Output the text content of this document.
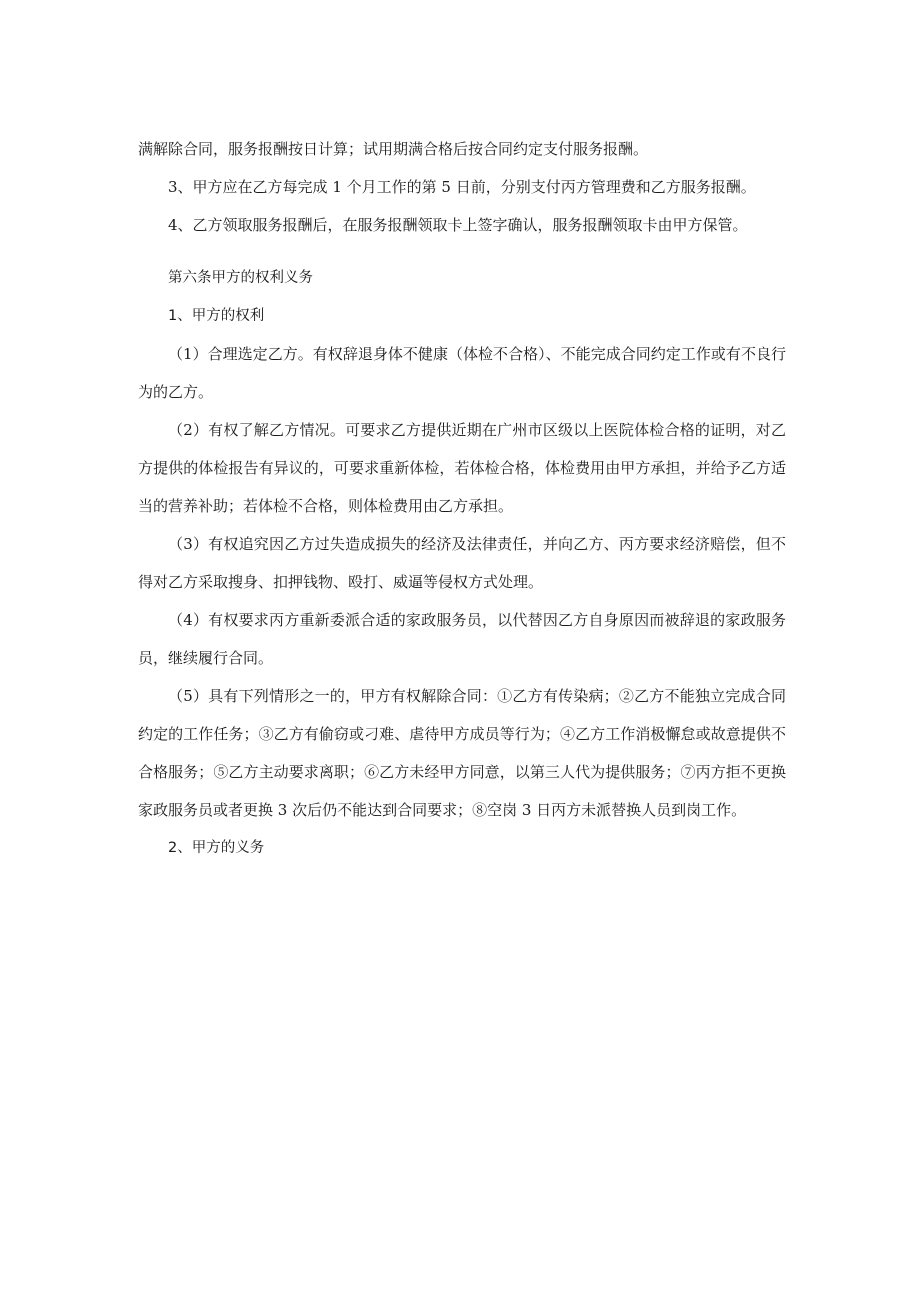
满解除合同，服务报酬按日计算；试用期满合格后按合同约定支付服务报酬。

3、甲方应在乙方每完成 1 个月工作的第 5 日前，分别支付丙方管理费和乙方服务报酬。

4、乙方领取服务报酬后，在服务报酬领取卡上签字确认，服务报酬领取卡由甲方保管。

第六条甲方的权利义务

1、甲方的权利

（1）合理选定乙方。有权辞退身体不健康（体检不合格）、不能完成合同约定工作或有不良行为的乙方。

（2）有权了解乙方情况。可要求乙方提供近期在广州市区级以上医院体检合格的证明，对乙方提供的体检报告有异议的，可要求重新体检，若体检合格，体检费用由甲方承担，并给予乙方适当的营养补助；若体检不合格，则体检费用由乙方承担。

（3）有权追究因乙方过失造成损失的经济及法律责任，并向乙方、丙方要求经济赔偿，但不得对乙方采取搜身、扣押钱物、殴打、威逼等侵权方式处理。

（4）有权要求丙方重新委派合适的家政服务员，以代替因乙方自身原因而被辞退的家政服务员，继续履行合同。

（5）具有下列情形之一的，甲方有权解除合同：①乙方有传染病；②乙方不能独立完成合同约定的工作任务；③乙方有偷窃或刁难、虐待甲方成员等行为；④乙方工作消极懈怠或故意提供不合格服务；⑤乙方主动要求离职；⑥乙方未经甲方同意，以第三人代为提供服务；⑦丙方拒不更换家政服务员或者更换 3 次后仍不能达到合同要求；⑧空岗 3 日丙方未派替换人员到岗工作。

2、甲方的义务
